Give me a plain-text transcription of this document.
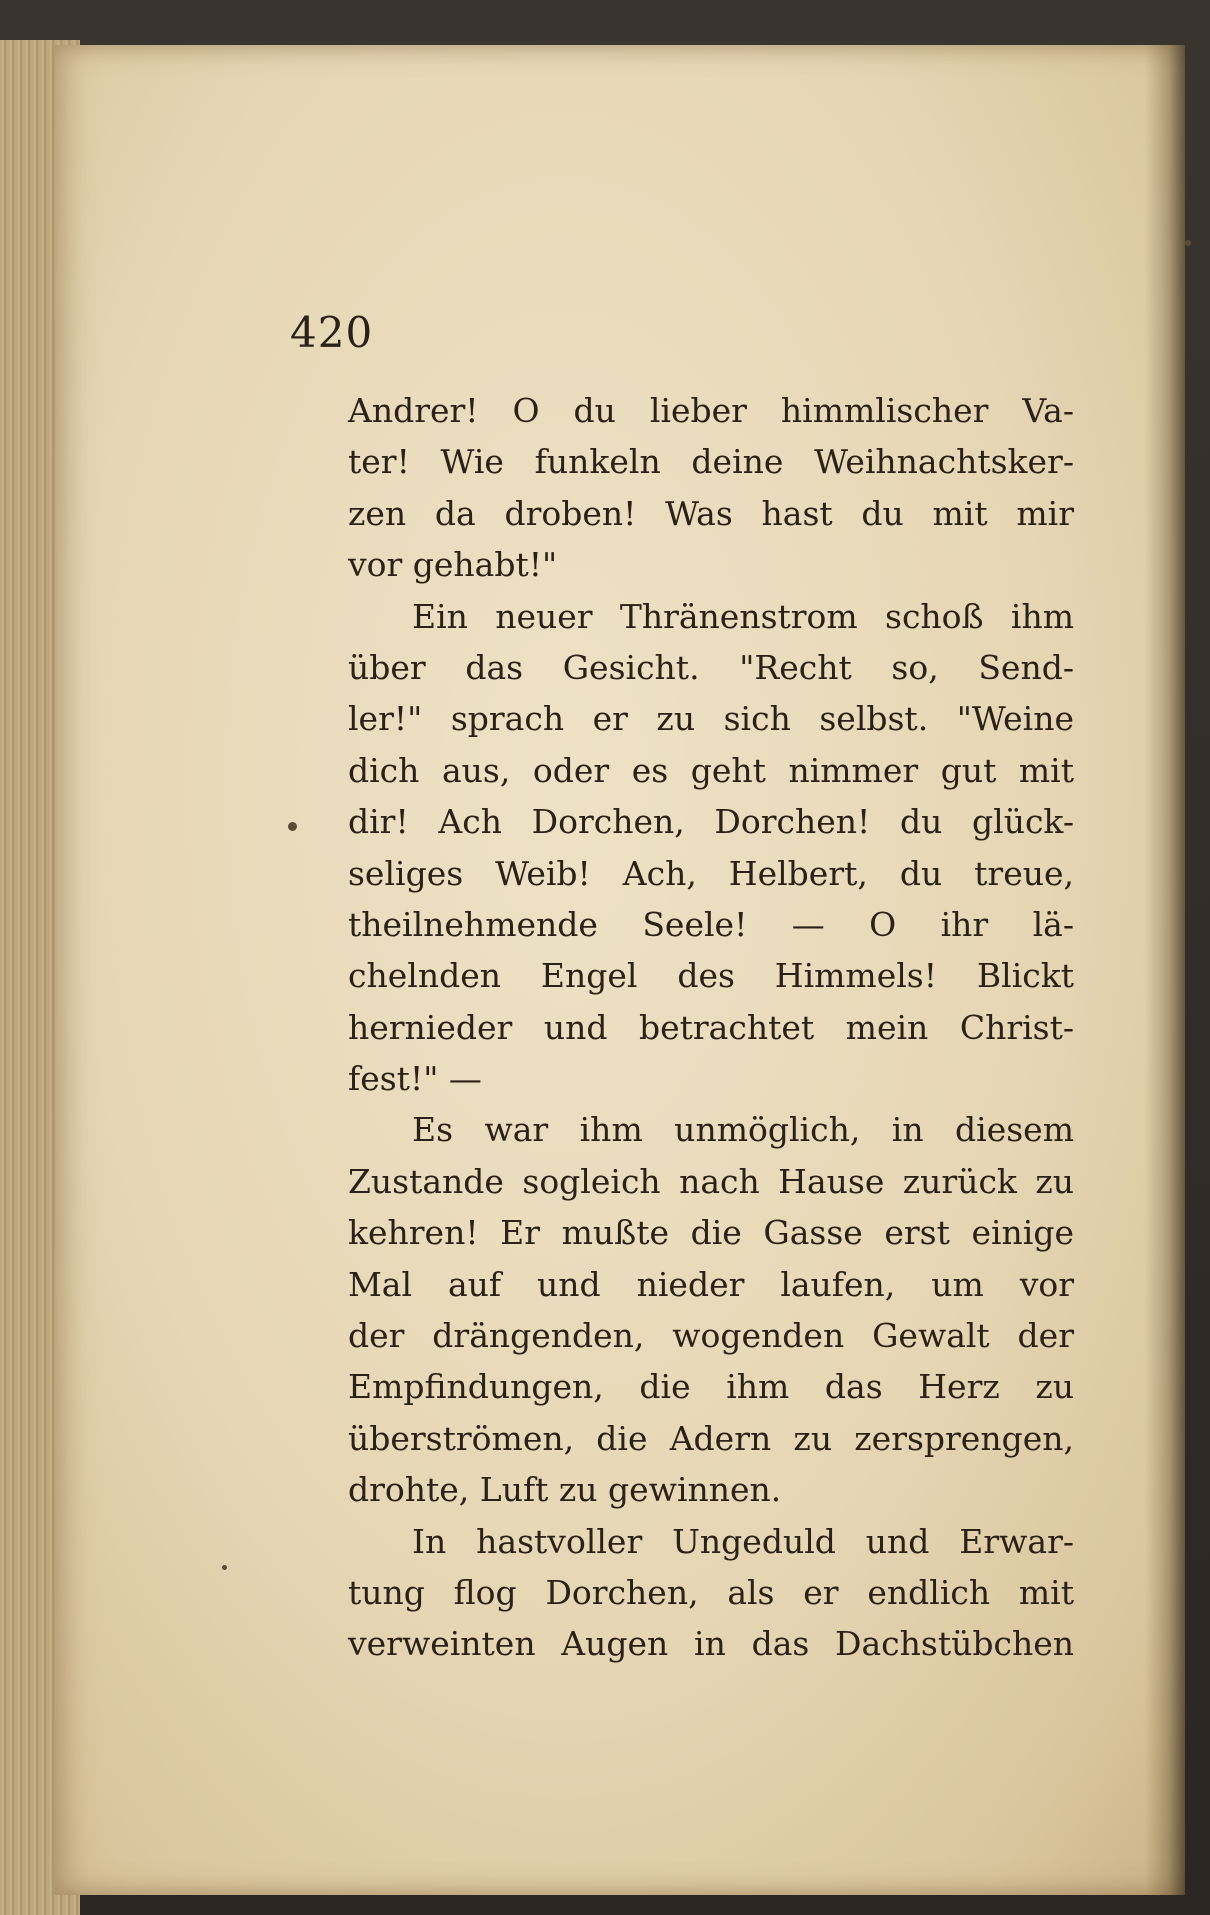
420
Andrer! O du lieber himmlischer Va-
ter! Wie funkeln deine Weihnachtsker-
zen da droben! Was hast du mit mir
vor gehabt!"
Ein neuer Thränenstrom schoß ihm
über das Gesicht. "Recht so, Send-
ler!" sprach er zu sich selbst. "Weine
dich aus, oder es geht nimmer gut mit
dir! Ach Dorchen, Dorchen! du glück-
seliges Weib! Ach, Helbert, du treue,
theilnehmende Seele! — O ihr lä-
chelnden Engel des Himmels! Blickt
hernieder und betrachtet mein Christ-
fest!" —
Es war ihm unmöglich, in diesem
Zustande sogleich nach Hause zurück zu
kehren! Er mußte die Gasse erst einige
Mal auf und nieder laufen, um vor
der drängenden, wogenden Gewalt der
Empfindungen, die ihm das Herz zu
überströmen, die Adern zu zersprengen,
drohte, Luft zu gewinnen.
In hastvoller Ungeduld und Erwar-
tung flog Dorchen, als er endlich mit
verweinten Augen in das Dachstübchen
